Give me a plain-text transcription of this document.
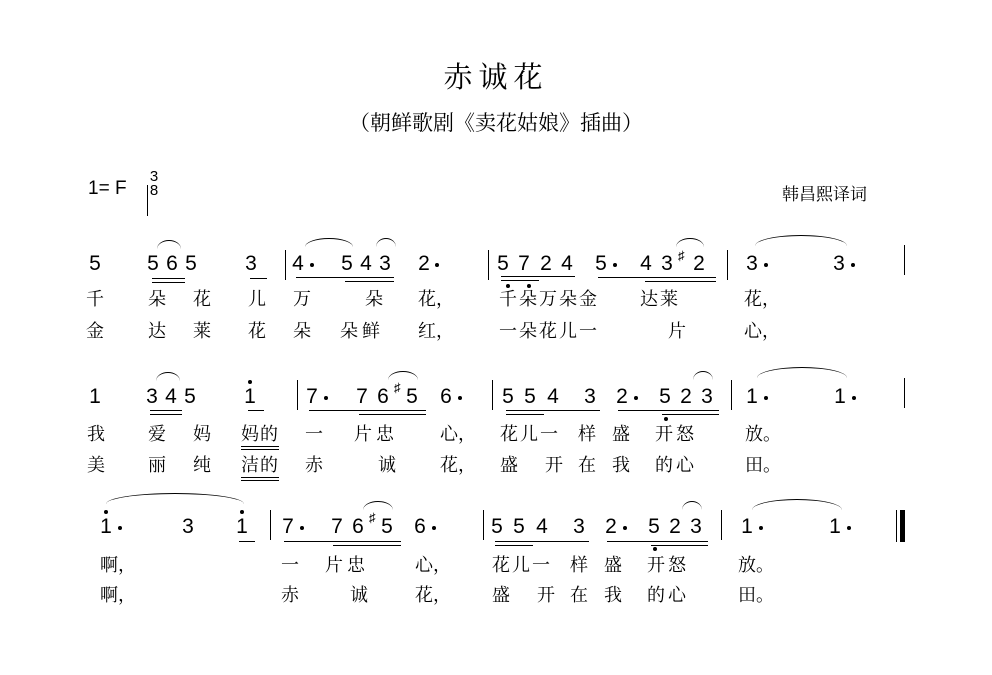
赤诚花
（朝鲜歌剧《卖花姑娘》插曲）
1= F
3
8	韩昌熙译词
5 5 6 5 3 4 5 4 3 2	5 7 2 4 5 4 3 ♯ 2 3	3
千 朵 花 儿 万	朵 花，	千朵万朵金 达莱	花，
金 达 莱 花 朵 朵鲜 红，	一朵花儿一	片	心，
1 3 4 5 1 7 7 6 ♯ 5 6 5 5 4 3 2 5 2 3 1	1
我 爱 妈 妈的 一 片忠 心， 花儿一 样 盛 开怒	放。
美 丽 纯 洁的 赤	诚 花， 盛 开 在 我 的心	田。
1	3 1 7 7 6 ♯ 5 6	5 5 4 3 2 5 2 3 1	1
啊，	一 片忠	心， 花儿一 样 盛 开怒	放。
啊，	赤	诚	花， 盛 开 在 我 的心	田。
